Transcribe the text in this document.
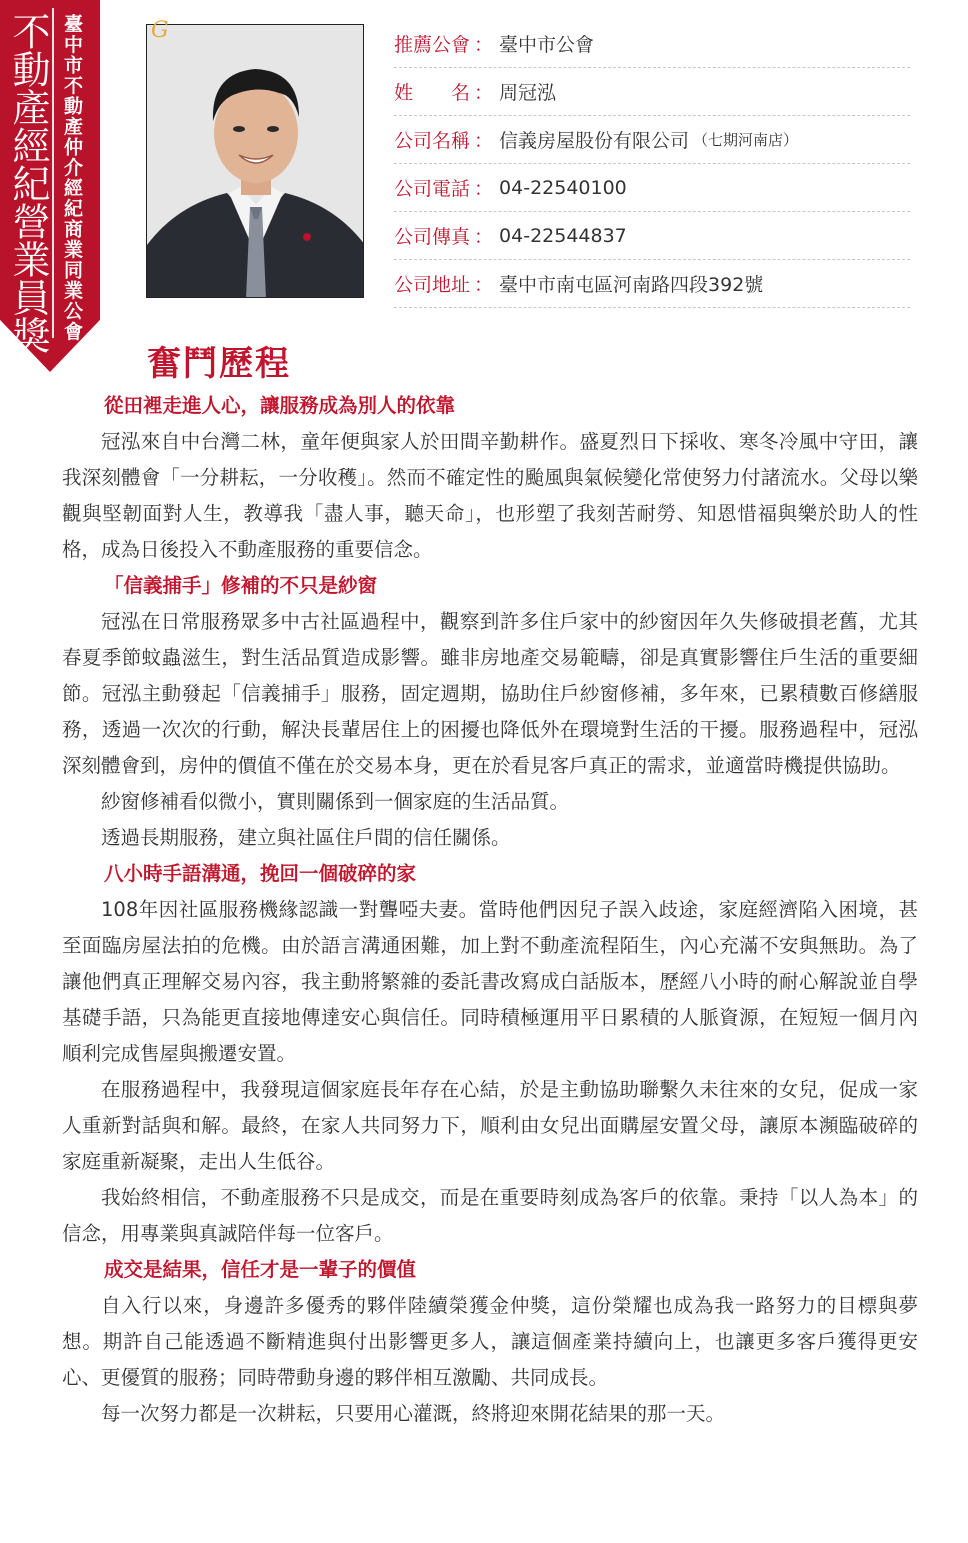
不動產經紀營業員獎 臺中市不動產仲介經紀商業同業公會	G
推薦公會 ： 臺中市公會
姓　　名 ： 周冠泓
公司名稱 ： 信義房屋股份有限公司 （七期河南店）
公司電話 ： 04-22540100
公司傳真 ： 04-22544837
公司地址 ： 臺中市南屯區河南路四段392號
奮鬥歷程
從田裡走進人心，讓服務成為別人的依靠

冠泓來自中台灣二林，童年便與家人於田間辛勤耕作。盛夏烈日下採收、寒冬冷風中守田，讓我深刻體會「一分耕耘，一分收穫」。然而不確定性的颱風與氣候變化常使努力付諸流水。父母以樂觀與堅韌面對人生，教導我「盡人事，聽天命」，也形塑了我刻苦耐勞、知恩惜福與樂於助人的性格，成為日後投入不動產服務的重要信念。

「信義捕手」修補的不只是紗窗

冠泓在日常服務眾多中古社區過程中，觀察到許多住戶家中的紗窗因年久失修破損老舊，尤其春夏季節蚊蟲滋生，對生活品質造成影響。雖非房地產交易範疇，卻是真實影響住戶生活的重要細節。冠泓主動發起「信義捕手」服務，固定週期，協助住戶紗窗修補，多年來，已累積數百修繕服務，透過一次次的行動，解決長輩居住上的困擾也降低外在環境對生活的干擾。服務過程中，冠泓深刻體會到，房仲的價值不僅在於交易本身，更在於看見客戶真正的需求，並適當時機提供協助。

紗窗修補看似微小，實則關係到一個家庭的生活品質。

透過長期服務，建立與社區住戶間的信任關係。

八小時手語溝通，挽回一個破碎的家

108年因社區服務機緣認識一對聾啞夫妻。當時他們因兒子誤入歧途，家庭經濟陷入困境，甚至面臨房屋法拍的危機。由於語言溝通困難，加上對不動產流程陌生，內心充滿不安與無助。為了讓他們真正理解交易內容，我主動將繁雜的委託書改寫成白話版本，歷經八小時的耐心解說並自學基礎手語，只為能更直接地傳達安心與信任。同時積極運用平日累積的人脈資源，在短短一個月內順利完成售屋與搬遷安置。

在服務過程中，我發現這個家庭長年存在心結，於是主動協助聯繫久未往來的女兒，促成一家人重新對話與和解。最終，在家人共同努力下，順利由女兒出面購屋安置父母，讓原本瀕臨破碎的家庭重新凝聚，走出人生低谷。

我始終相信，不動產服務不只是成交，而是在重要時刻成為客戶的依靠。秉持「以人為本」的信念，用專業與真誠陪伴每一位客戶。

成交是結果，信任才是一輩子的價值

自入行以來，身邊許多優秀的夥伴陸續榮獲金仲獎，這份榮耀也成為我一路努力的目標與夢想。期許自己能透過不斷精進與付出影響更多人，讓這個產業持續向上，也讓更多客戶獲得更安心、更優質的服務；同時帶動身邊的夥伴相互激勵、共同成長。

每一次努力都是一次耕耘，只要用心灌溉，終將迎來開花結果的那一天。
